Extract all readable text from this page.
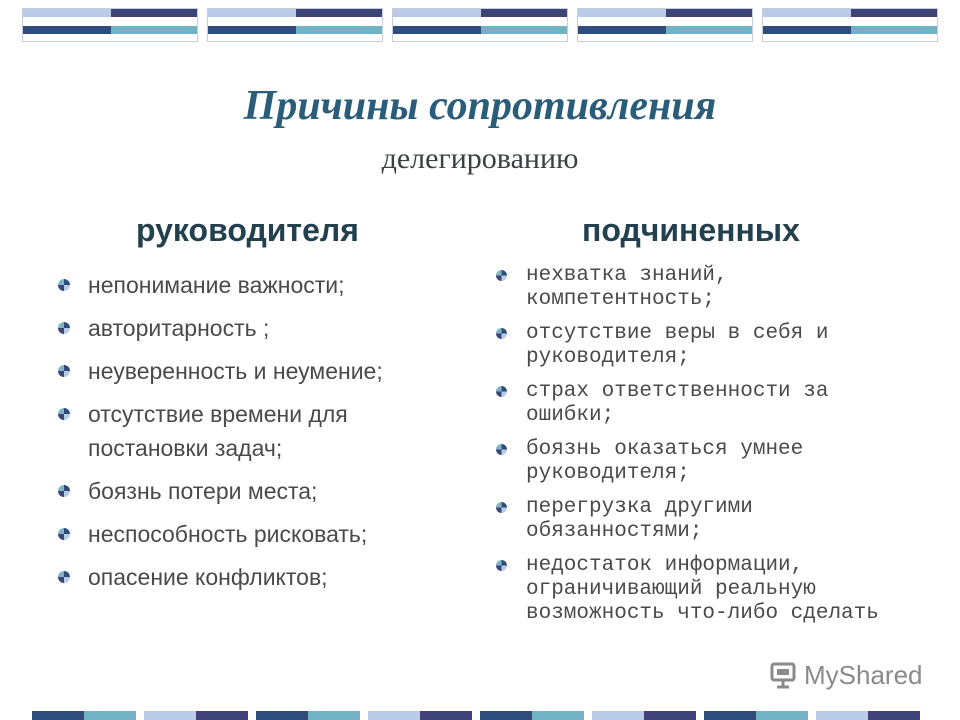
Причины сопротивления
делегированию
руководителя	подчиненных
непонимание важности;
авторитарность ;
неуверенность и неумение;
отсутствие времени для постановки задач;
боязнь потери места;
неспособность рисковать;
опасение конфликтов;
нехватка знаний, компетентность;
отсутствие веры в себя и руководителя;
страх ответственности за ошибки;
боязнь оказаться умнее руководителя;
перегрузка другими обязанностями;
недостаток информации, ограничивающий реальную возможность что-либо сделать
MyShared
